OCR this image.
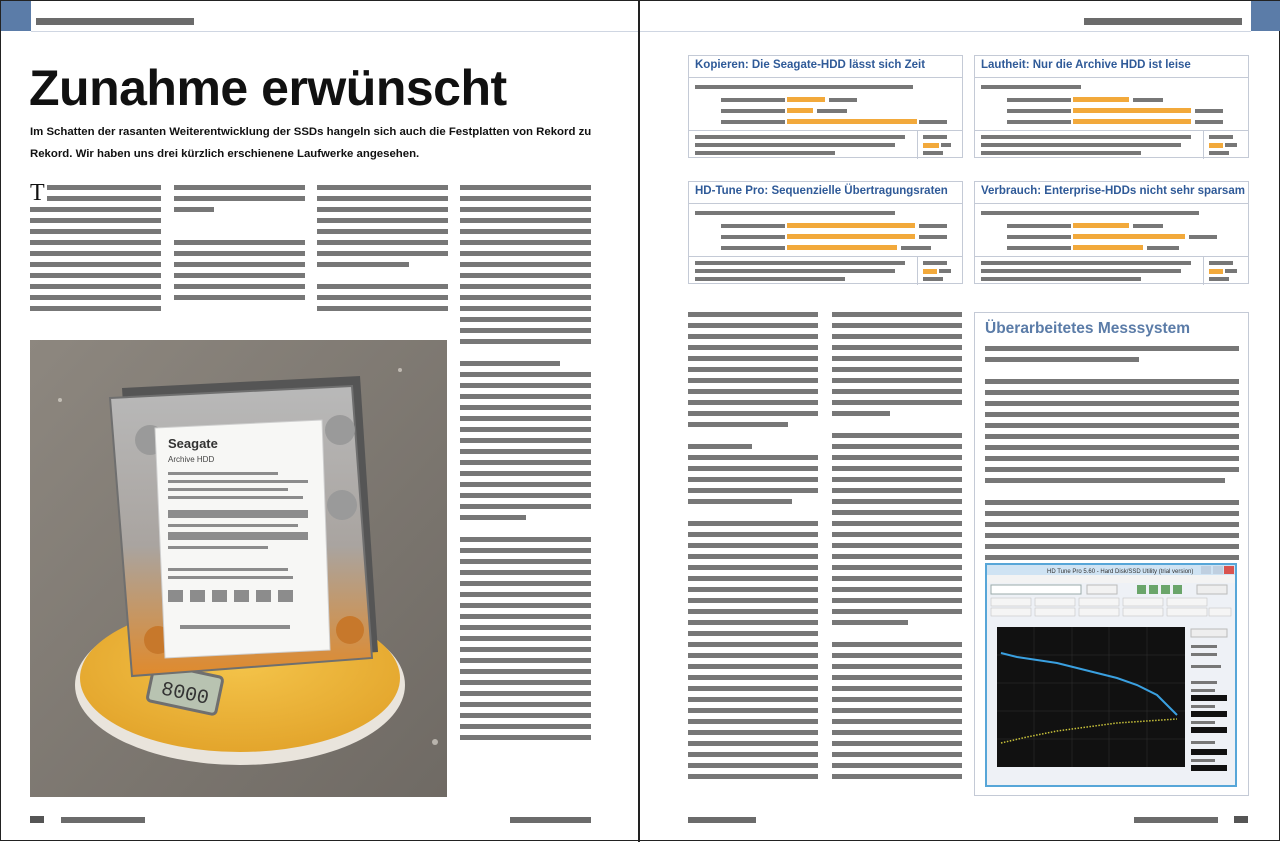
Zunahme erwünscht

Im Schatten der rasanten Weiterentwicklung der SSDs hangeln sich auch die Festplatten von Rekord zu Rekord. Wir haben uns drei kürzlich erschienene Laufwerke angesehen.

T
8000
Seagate
Archive HDD
Kopieren: Die Seagate-HDD lässt sich Zeit	Lautheit: Nur die Archive HDD ist leise
HD-Tune Pro: Sequenzielle Übertragungsraten	Verbrauch: Enterprise-HDDs nicht sehr sparsam
Überarbeitetes Messsystem
HD Tune Pro 5.60 - Hard Disk/SSD Utility (trial version)
